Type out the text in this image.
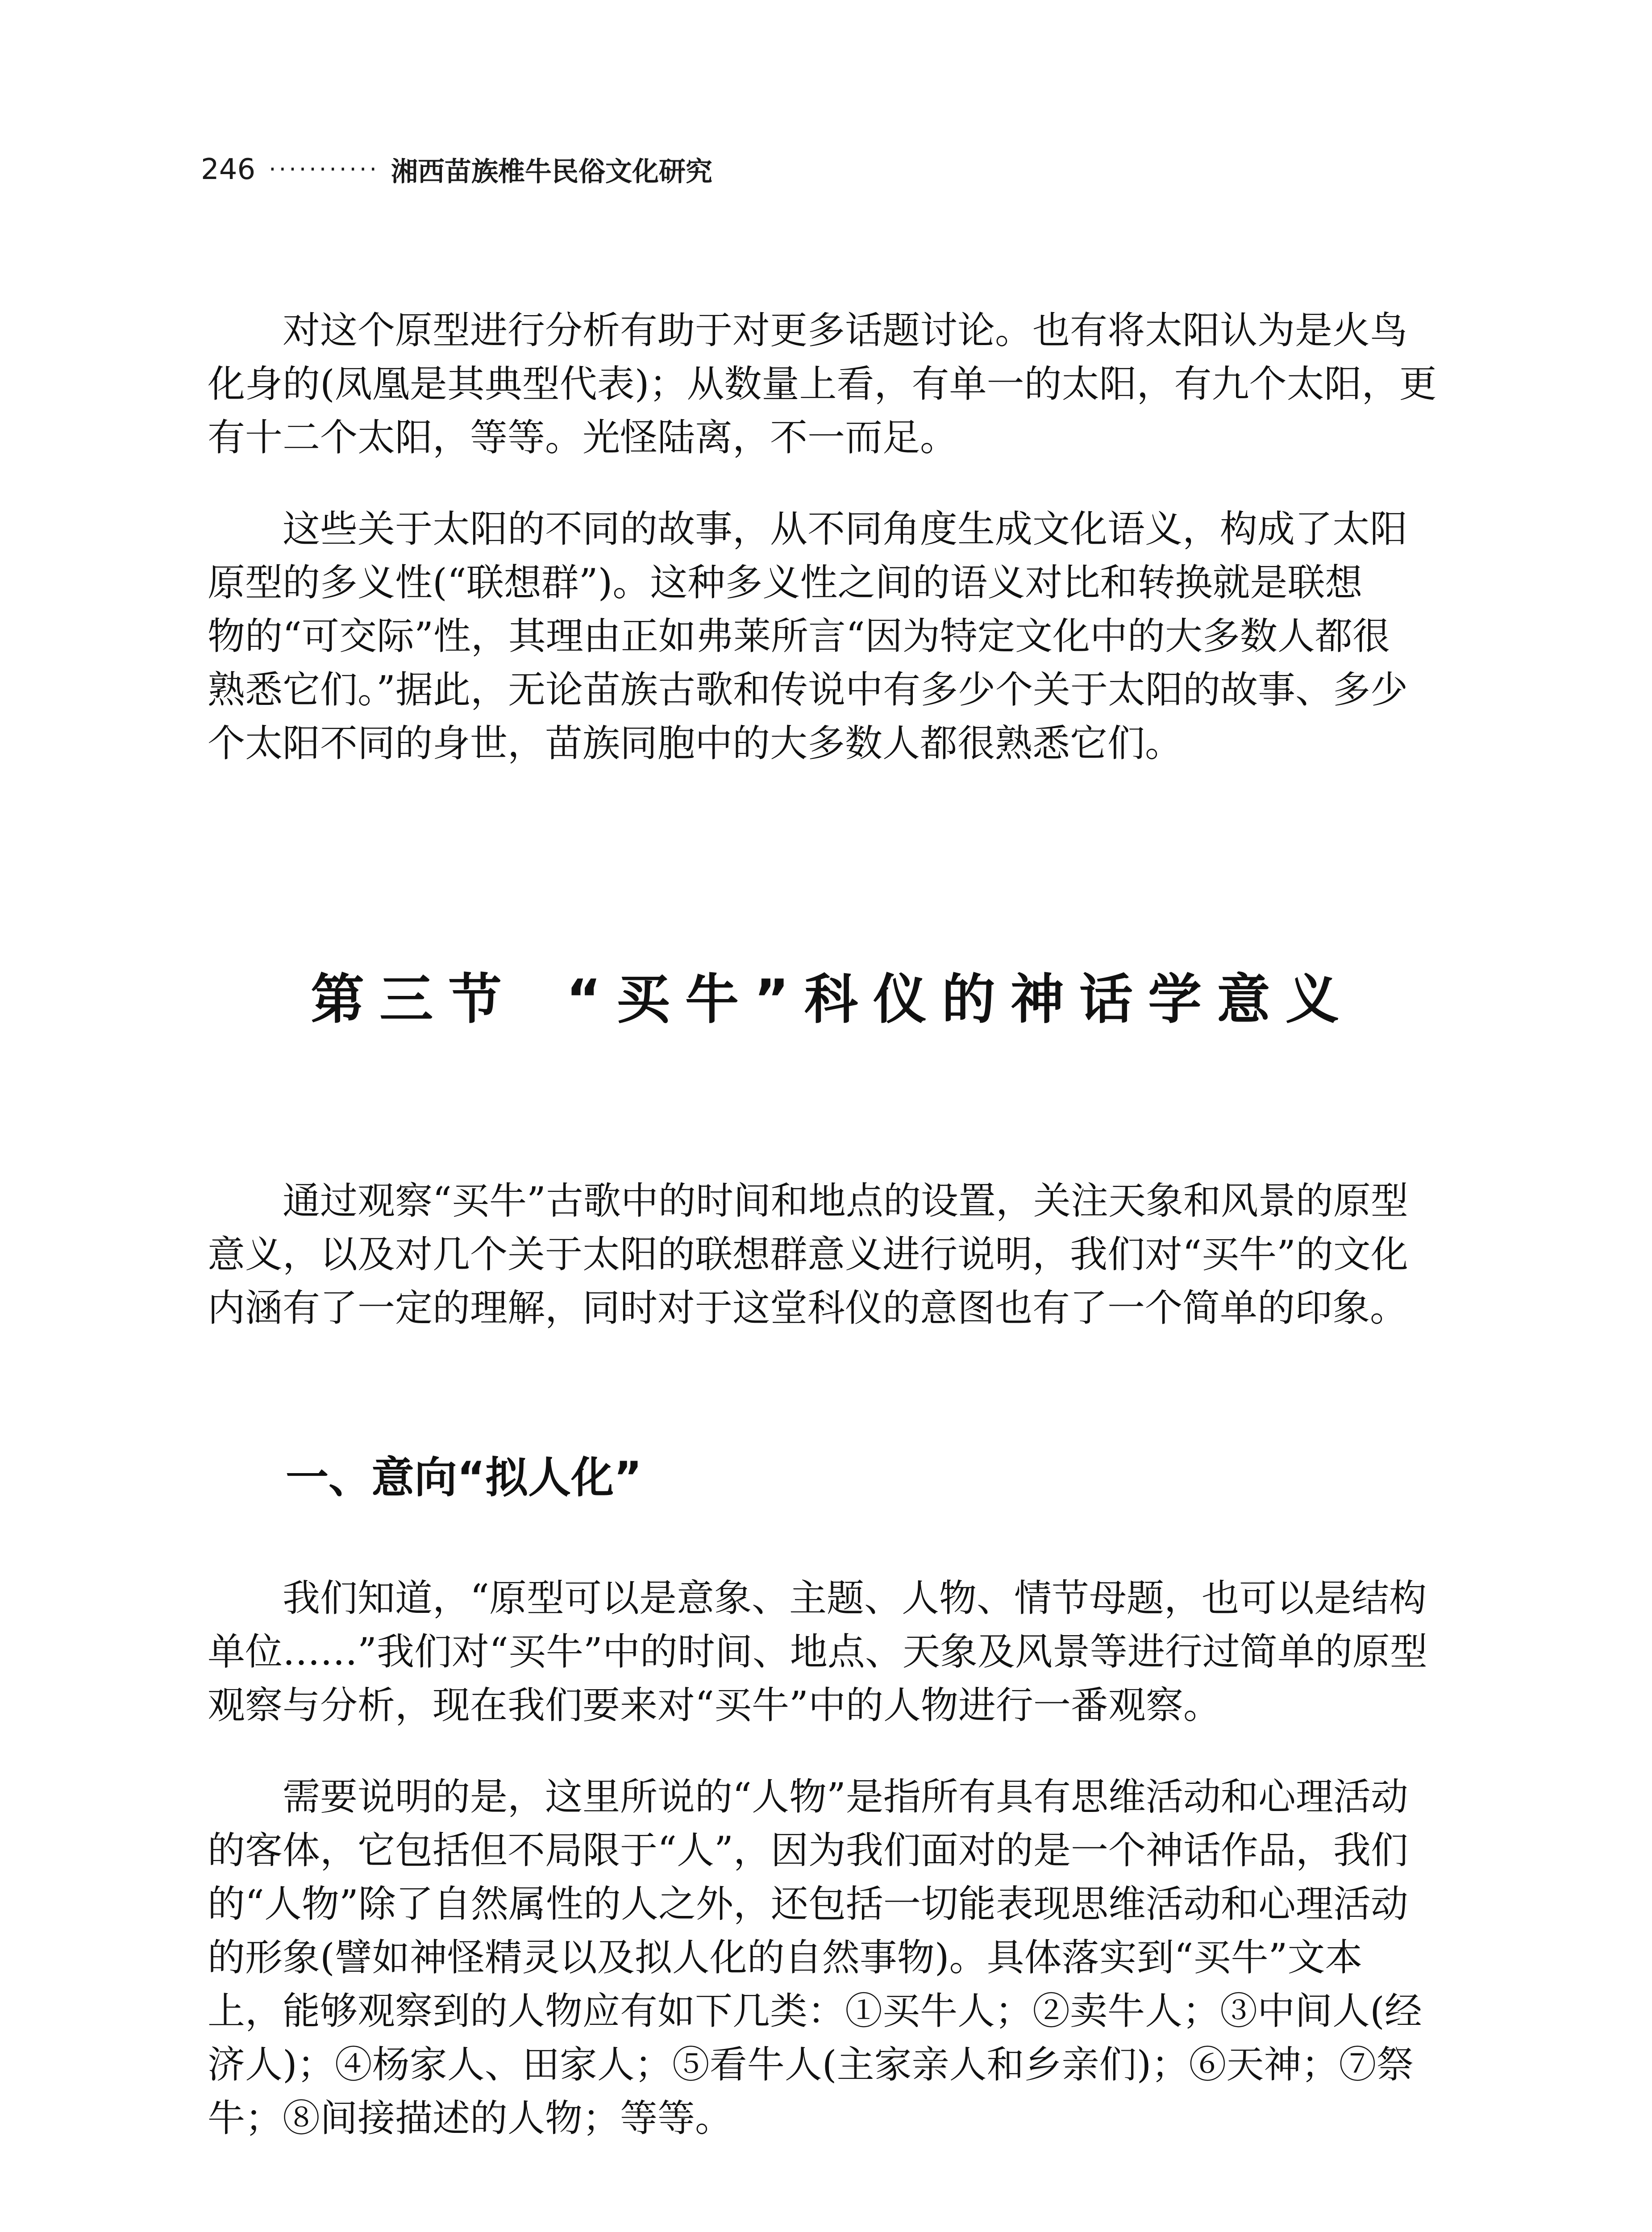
246 ··········· 湘西苗族椎牛民俗文化研究
对这个原型进行分析有助于对更多话题讨论。也有将太阳认为是火鸟
化身的(凤凰是其典型代表)；从数量上看，有单一的太阳，有九个太阳，更
有十二个太阳，等等。光怪陆离，不一而足。
这些关于太阳的不同的故事，从不同角度生成文化语义，构成了太阳
原型的多义性(“联想群”)。这种多义性之间的语义对比和转换就是联想
物的“可交际”性，其理由正如弗莱所言“因为特定文化中的大多数人都很
熟悉它们。”据此，无论苗族古歌和传说中有多少个关于太阳的故事、多少
个太阳不同的身世，苗族同胞中的大多数人都很熟悉它们。
第三节 “买牛”科仪的神话学意义
通过观察“买牛”古歌中的时间和地点的设置，关注天象和风景的原型
意义，以及对几个关于太阳的联想群意义进行说明，我们对“买牛”的文化
内涵有了一定的理解，同时对于这堂科仪的意图也有了一个简单的印象。
一、意向“拟人化”
我们知道，“原型可以是意象、主题、人物、情节母题，也可以是结构
单位……”我们对“买牛”中的时间、地点、天象及风景等进行过简单的原型
观察与分析，现在我们要来对“买牛”中的人物进行一番观察。
需要说明的是，这里所说的“人物”是指所有具有思维活动和心理活动
的客体，它包括但不局限于“人”，因为我们面对的是一个神话作品，我们
的“人物”除了自然属性的人之外，还包括一切能表现思维活动和心理活动
的形象(譬如神怪精灵以及拟人化的自然事物)。具体落实到“买牛”文本
上，能够观察到的人物应有如下几类：①买牛人；②卖牛人；③中间人(经
济人)；④杨家人、田家人；⑤看牛人(主家亲人和乡亲们)；⑥天神；⑦祭
牛；⑧间接描述的人物；等等。
